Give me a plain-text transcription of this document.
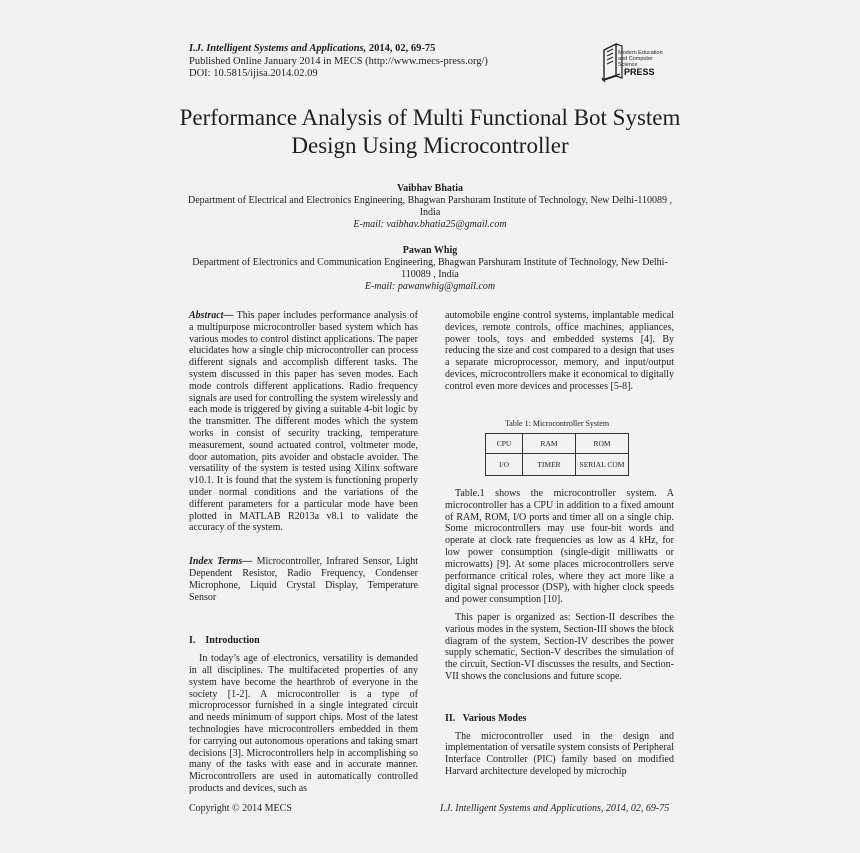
I.J. Intelligent Systems and Applications, 2014, 02, 69-75
Published Online January 2014 in MECS (http://www.mecs-press.org/)
DOI: 10.5815/ijisa.2014.02.09
Modern Education and Computer Science
PRESS
Performance Analysis of Multi Functional Bot System Design Using Microcontroller
Vaibhav Bhatia
Department of Electrical and Electronics Engineering, Bhagwan Parshuram Institute of Technology, New Delhi-110089 , India
E-mail: vaibhav.bhatia25@gmail.com
Pawan Whig
Department of Electronics and Communication Engineering, Bhagwan Parshuram Institute of Technology, New Delhi-110089 , India
E-mail: pawanwhig@gmail.com

Abstract— This paper includes performance analysis of a multipurpose microcontroller based system which has various modes to control distinct applications. The paper elucidates how a single chip microcontroller can process different signals and accomplish different tasks. The system discussed in this paper has seven modes. Each mode controls different applications. Radio frequency signals are used for controlling the system wirelessly and each mode is triggered by giving a suitable 4-bit logic by the transmitter. The different modes which the system works in consist of security tracking, temperature measurement, sound actuated control, voltmeter mode, door automation, pits avoider and obstacle avoider. The versatility of the system is tested using Xilinx software v10.1. It is found that the system is functioning properly under normal conditions and the variations of the different parameters for a particular mode have been plotted in MATLAB R2013a v8.1 to validate the accuracy of the system.

Index Terms— Microcontroller, Infrared Sensor, Light Dependent Resistor, Radio Frequency, Condenser Microphone, Liquid Crystal Display, Temperature Sensor

I.    Introduction

In today’s age of electronics, versatility is demanded in all disciplines. The multifaceted properties of any system have become the hearthrob of everyone in the society [1-2]. A microcontroller is a type of microprocessor furnished in a single integrated circuit and needs minimum of support chips. Most of the latest technologies have microcontrollers embedded in them for carrying out autonomous operations and taking smart decisions [3]. Microcontrollers help in accomplishing so many of the tasks with ease and in accurate manner. Microcontrollers are used in automatically controlled products and devices, such as

automobile engine control systems, implantable medical devices, remote controls, office machines, appliances, power tools, toys and embedded systems [4]. By reducing the size and cost compared to a design that uses a separate microprocessor, memory, and input/output devices, microcontrollers make it economical to digitally control even more devices and processes [5-8].

Table 1: Microcontroller System
CPU	RAM	ROM
I/O	TIMER	SERIAL COM

Table.1 shows the microcontroller system. A microcontroller has a CPU in addition to a fixed amount of RAM, ROM, I/O ports and timer all on a single chip. Some microcontrollers may use four-bit words and operate at clock rate frequencies as low as 4 kHz, for low power consumption (single-digit milliwatts or microwatts) [9]. At some places microcontrollers serve performance critical roles, where they act more like a digital signal processor (DSP), with higher clock speeds and power consumption [10].

This paper is organized as: Section-II describes the various modes in the system, Section-III shows the block diagram of the system, Section-IV describes the power supply schematic, Section-V describes the simulation of the circuit, Section-VI discusses the results, and Section-VII shows the conclusions and future scope.

II.   Various Modes

The microcontroller used in the design and implementation of versatile system consists of Peripheral Interface Controller (PIC) family based on modified Harvard architecture developed by microchip

Copyright © 2014 MECS	I.J. Intelligent Systems and Applications, 2014, 02, 69-75
